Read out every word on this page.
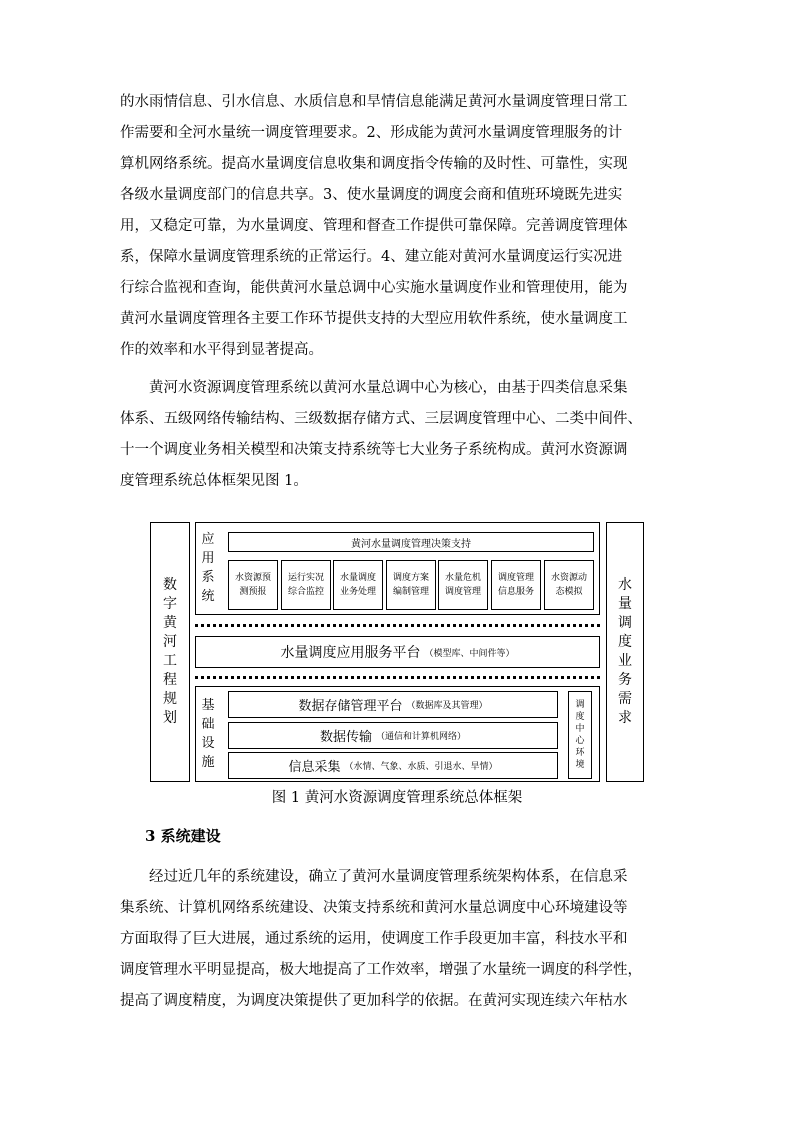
的水雨情信息、引水信息、水质信息和旱情信息能满足黄河水量调度管理日常工
作需要和全河水量统一调度管理要求。2、形成能为黄河水量调度管理服务的计
算机网络系统。提高水量调度信息收集和调度指令传输的及时性、可靠性，实现
各级水量调度部门的信息共享。3、使水量调度的调度会商和值班环境既先进实
用，又稳定可靠，为水量调度、管理和督查工作提供可靠保障。完善调度管理体
系，保障水量调度管理系统的正常运行。4、建立能对黄河水量调度运行实况进
行综合监视和查询，能供黄河水量总调中心实施水量调度作业和管理使用，能为
黄河水量调度管理各主要工作环节提供支持的大型应用软件系统，使水量调度工
作的效率和水平得到显著提高。
　　黄河水资源调度管理系统以黄河水量总调中心为核心，由基于四类信息采集
体系、五级网络传输结构、三级数据存储方式、三层调度管理中心、二类中间件、
十一个调度业务相关模型和决策支持系统等七大业务子系统构成。黄河水资源调
度管理系统总体框架见图 1。
数
字
黄
河
工
程
规
划
水
量
调
度
业
务
需
求
应
用
系
统
黄河水量调度管理决策支持
水资源预测预报
运行实况综合监控
水量调度业务处理
调度方案编制管理
水量危机调度管理
调度管理信息服务
水资源动态模拟
水量调度应用服务平台 （模型库、中间件等）
基
础
设
施
数据存储管理平台 （数据库及其管理）
数据传输 （通信和计算机网络）
信息采集 （水情、气象、水质、引退水、旱情）
调
度
中
心
环
境
图 1 黄河水资源调度管理系统总体框架
3 系统建设
　　经过近几年的系统建设，确立了黄河水量调度管理系统架构体系，在信息采
集系统、计算机网络系统建设、决策支持系统和黄河水量总调度中心环境建设等
方面取得了巨大进展，通过系统的运用，使调度工作手段更加丰富，科技水平和
调度管理水平明显提高，极大地提高了工作效率，增强了水量统一调度的科学性，
提高了调度精度，为调度决策提供了更加科学的依据。在黄河实现连续六年枯水
